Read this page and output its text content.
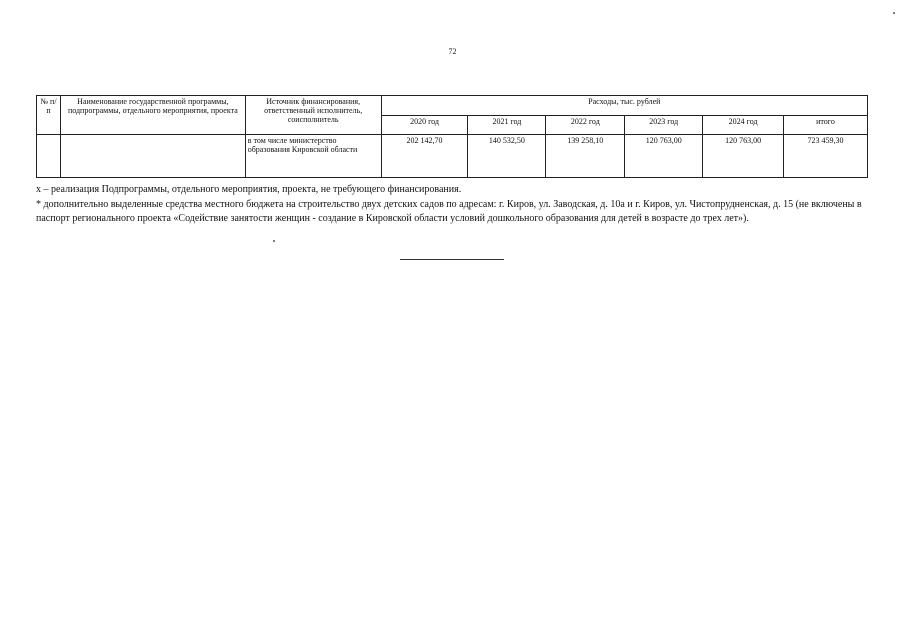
72
№ п/п	Наименование государственной программы, подпрограммы, отдельного мероприятия, проекта	Источник финансирования, ответственный исполнитель, соисполнитель	Расходы, тыс. рублей					
			2020 год	2021 год	2022 год	2023 год	2024 год	итого
		в том числе министерство образования Кировской области	202 142,70	140 532,50	139 258,10	120 763,00	120 763,00	723 459,30

х – реализация Подпрограммы, отдельного мероприятия, проекта, не требующего финансирования.

* дополнительно выделенные средства местного бюджета на строительство двух детских садов по адресам: г. Киров, ул. Заводская, д. 10а и г. Киров, ул. Чистопрудненская, д. 15 (не включены в паспорт регионального проекта «Содействие занятости женщин - создание в Кировской области условий дошкольного образования для детей в возрасте до трех лет»).
